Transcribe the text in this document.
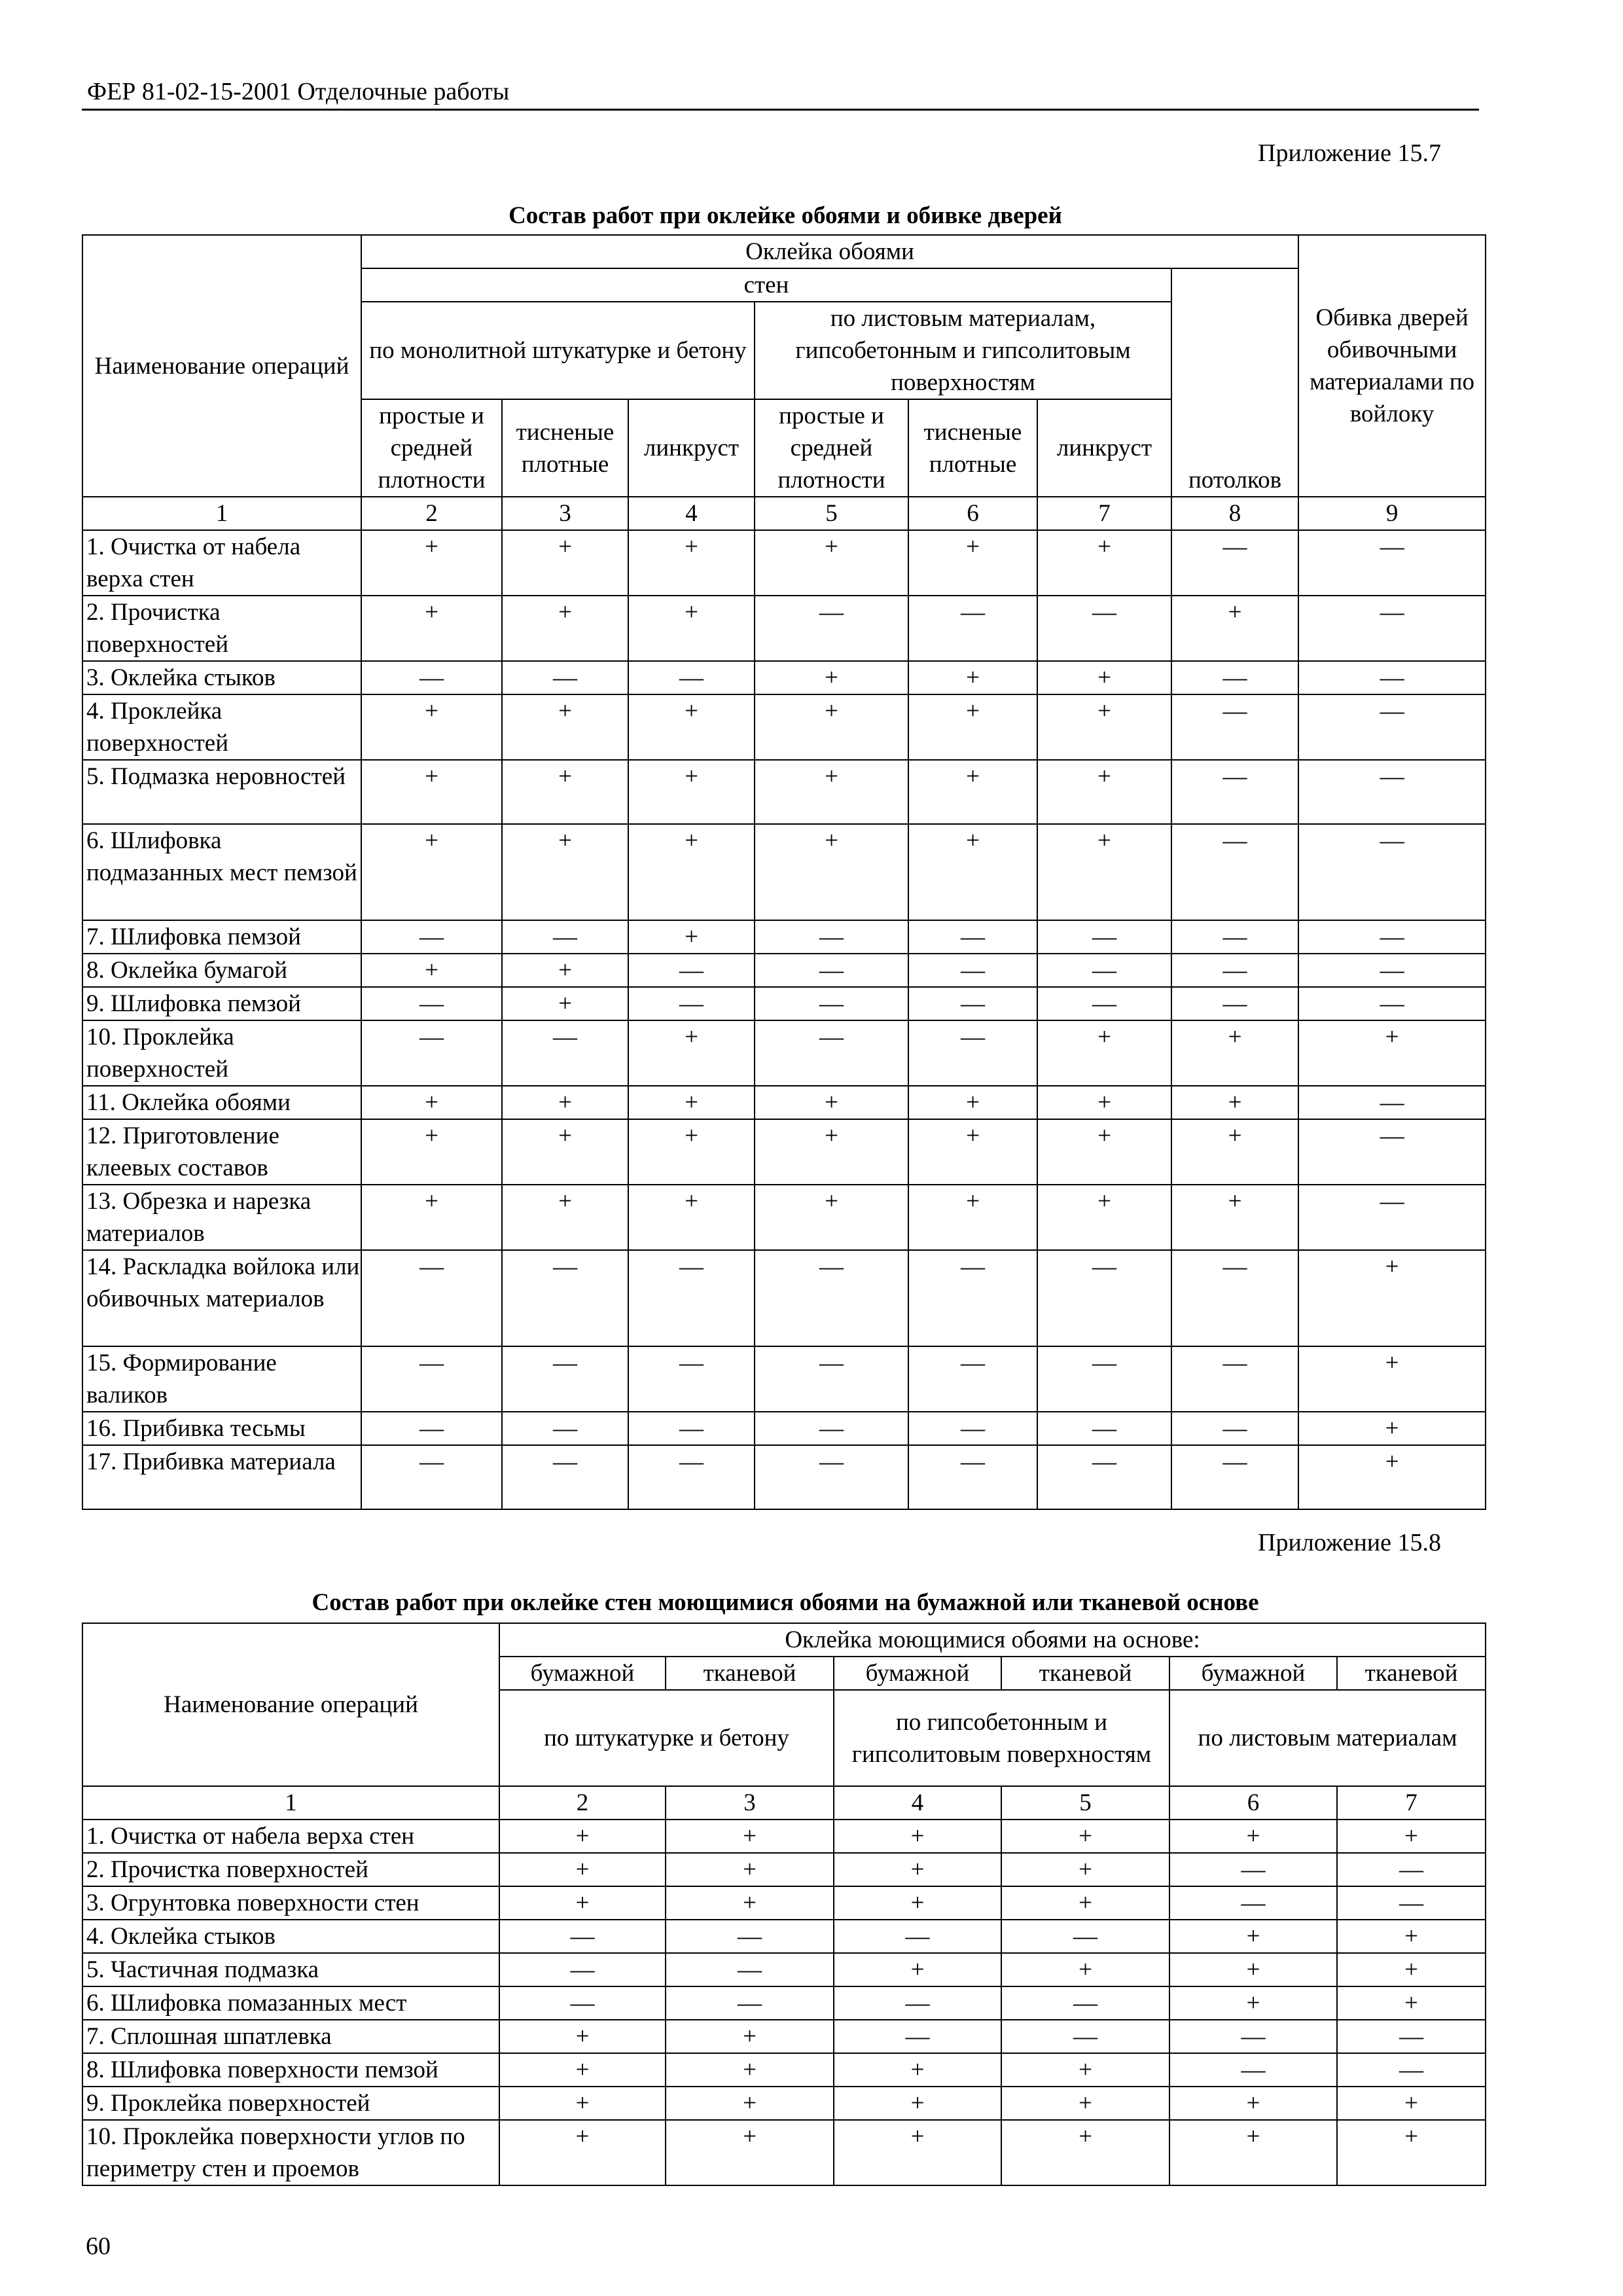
ФЕР 81-02-15-2001 Отделочные работы
Приложение 15.7
Состав работ при оклейке обоями и обивке дверей
Наименование операций	Оклейка обоями							Обивка дверей обивочными материалами по войлоку
	стен						потолков	
	по монолитной штукатурке и бетону			по листовым материалам, гипсобетонным и гипсолитовым поверхностям				
	простые и средней плотности	тисненые плотные	линкруст	простые и средней плотности	тисненые плотные	линкруст		
1	2	3	4	5	6	7	8	9
1. Очистка от набела верха стен	+	+	+	+	+	+	—	—
2. Прочистка поверхностей	+	+	+	—	—	—	+	—
3. Оклейка стыков	—	—	—	+	+	+	—	—
4. Проклейка поверхностей	+	+	+	+	+	+	—	—
5. Подмазка неровностей	+	+	+	+	+	+	—	—
6. Шлифовка подмазанных мест пемзой	+	+	+	+	+	+	—	—
7. Шлифовка пемзой	—	—	+	—	—	—	—	—
8. Оклейка бумагой	+	+	—	—	—	—	—	—
9. Шлифовка пемзой	—	+	—	—	—	—	—	—
10. Проклейка поверхностей	—	—	+	—	—	+	+	+
11. Оклейка обоями	+	+	+	+	+	+	+	—
12. Приготовление клеевых составов	+	+	+	+	+	+	+	—
13. Обрезка и нарезка материалов	+	+	+	+	+	+	+	—
14. Раскладка войлока или обивочных материалов	—	—	—	—	—	—	—	+
15. Формирование валиков	—	—	—	—	—	—	—	+
16. Прибивка тесьмы	—	—	—	—	—	—	—	+
17. Прибивка материала	—	—	—	—	—	—	—	+
Приложение 15.8
Состав работ при оклейке стен моющимися обоями на бумажной или тканевой основе
Наименование операций	Оклейка моющимися обоями на основе:					
	бумажной	тканевой	бумажной	тканевой	бумажной	тканевой
	по штукатурке и бетону		по гипсобетонным и гипсолитовым поверхностям		по листовым материалам	
1	2	3	4	5	6	7
1. Очистка от набела верха стен	+	+	+	+	+	+
2. Прочистка поверхностей	+	+	+	+	—	—
3. Огрунтовка поверхности стен	+	+	+	+	—	—
4. Оклейка стыков	—	—	—	—	+	+
5. Частичная подмазка	—	—	+	+	+	+
6. Шлифовка помазанных мест	—	—	—	—	+	+
7. Сплошная шпатлевка	+	+	—	—	—	—
8. Шлифовка поверхности пемзой	+	+	+	+	—	—
9. Проклейка поверхностей	+	+	+	+	+	+
10. Проклейка поверхности углов по периметру стен и проемов	+	+	+	+	+	+
60
